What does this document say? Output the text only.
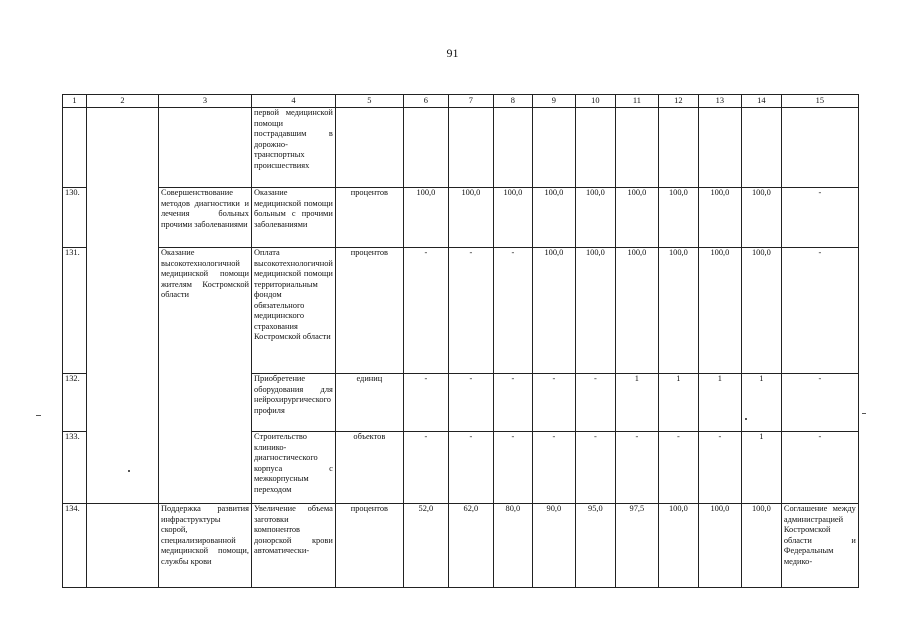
91
1	2	3	4	5	6	7	8	9	10	11	12	13	14	15
			первой медицинской помощи пострадавшим в дорожно-транспортных происшествиях											
130.		Совершенствование методов диагностики и лечения больных прочими заболеваниями	Оказание медицинской помощи больным с прочими заболеваниями	процентов	100,0	100,0	100,0	100,0	100,0	100,0	100,0	100,0	100,0	-
131.		Оказание высокотехнологичной медицинской помощи жителям Костромской области	Оплата высокотехнологичной медицинской помощи территориальным фондом обязательного медицинского страхования Костромской области	процентов	-	-	-	100,0	100,0	100,0	100,0	100,0	100,0	-
132.			Приобретение оборудования для нейрохирургического профиля	единиц	-	-	-	-	-	1	1	1	1	-
133.			Строительство клинико-диагностического корпуса с межкорпусным переходом	объектов	-	-	-	-	-	-	-	-	1	-
134.		Поддержка развития инфраструктуры скорой, специализированной медицинской помощи, службы крови	Увеличение объема заготовки компонентов донорской крови автоматически-	процентов	52,0	62,0	80,0	90,0	95,0	97,5	100,0	100,0	100,0	Соглашение между администрацией Костромской области и Федеральным медико-
